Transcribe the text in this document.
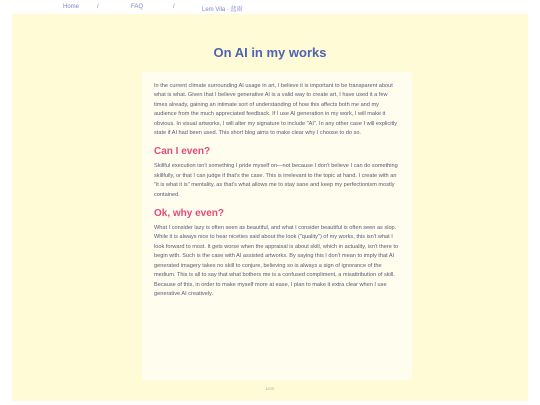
Home	/	FAQ	/	Lem Vila · 蓝雨
On AI in my works

In the current climate surrounding AI usage in art, I believe it is important to be transparent about what is what. Given that I believe generative AI is a valid way to create art, I have used it a few times already, gaining an intimate sort of understanding of how this affects both me and my audience from the much appreciated feedback. If I use AI generation in my work, I will make it obvious. In visual artworks, I will alter my signature to include "AI". In any other case I will explicitly state if AI had been used. This short blog aims to make clear why I choose to do so.

Can I even?

Skillful execution isn't something I pride myself on—not because I don't believe I can do something skillfully, or that I can judge if that's the case. This is irrelevant to the topic at hand. I create with an "it is what it is" mentality, as that's what allows me to stay sane and keep my perfectionism mostly contained.

Ok, why even?

What I consider lazy is often seen as beautiful, and what I consider beautiful is often seen as slop. While it is always nice to hear niceties said about the look ("quality") of my works, this isn't what I look forward to most. It gets worse when the appraisal is about skill, which in actuality, isn't there to begin with. Such is the case with AI assisted artworks. By saying this I don't mean to imply that AI generated imagery takes no skill to conjure, believing so is always a sign of ignorance of the medium. This is all to say that what bothers me is a confused compliment, a misattribution of skill. Because of this, in order to make myself more at ease, I plan to make it extra clear when I use generative AI creatively.

Lem
